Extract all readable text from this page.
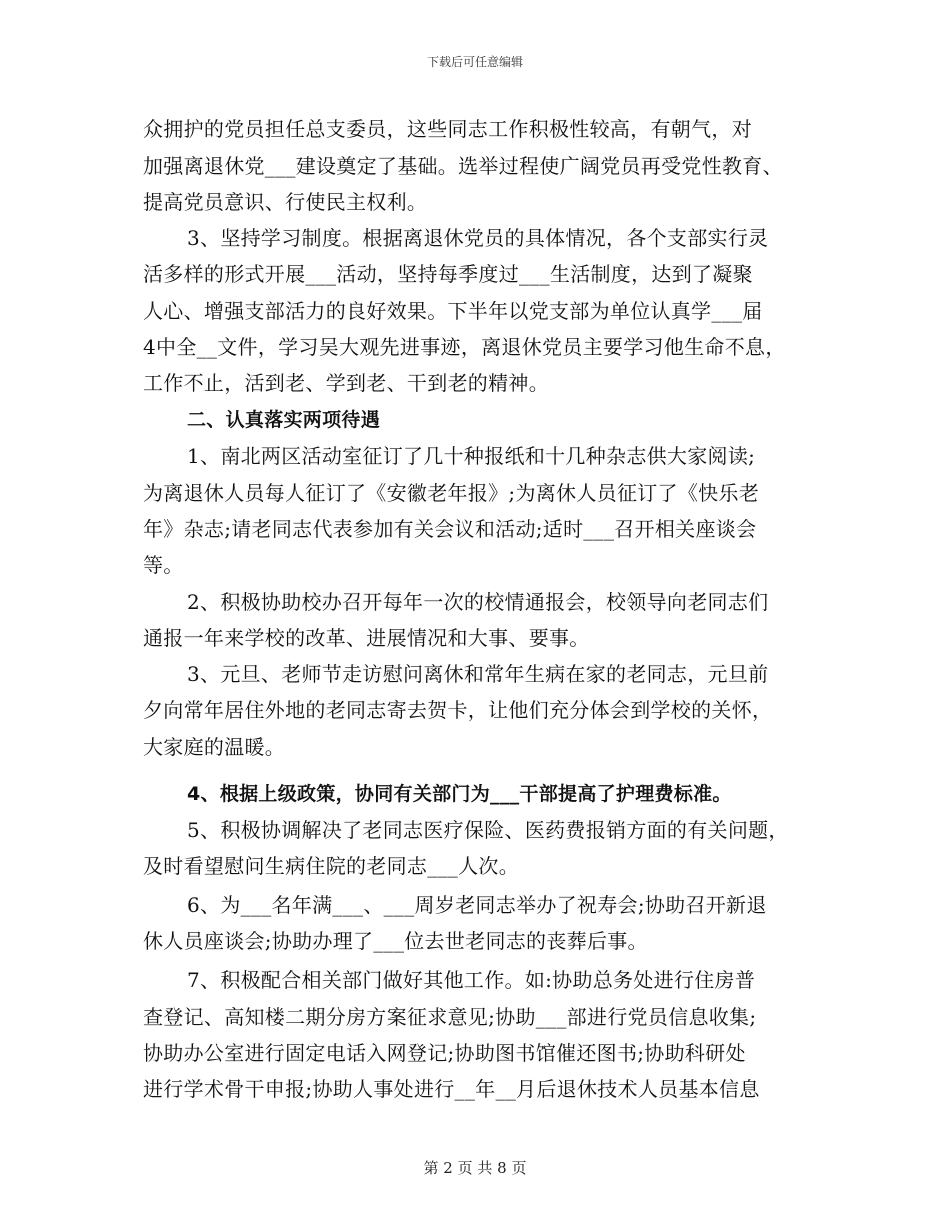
下载后可任意编辑
众拥护的党员担任总支委员，这些同志工作积极性较高，有朝气，对
加强离退休党___建设奠定了基础。选举过程使广阔党员再受党性教育、
提高党员意识、行使民主权利。
3、坚持学习制度。根据离退休党员的具体情况，各个支部实行灵
活多样的形式开展___活动，坚持每季度过___生活制度，达到了凝聚
人心、增强支部活力的良好效果。下半年以党支部为单位认真学___届
4中全__文件，学习吴大观先进事迹，离退休党员主要学习他生命不息，
工作不止，活到老、学到老、干到老的精神。
二、认真落实两项待遇
1、南北两区活动室征订了几十种报纸和十几种杂志供大家阅读;
为离退休人员每人征订了《安徽老年报》;为离休人员征订了《快乐老
年》杂志;请老同志代表参加有关会议和活动;适时___召开相关座谈会
等。
2、积极协助校办召开每年一次的校情通报会，校领导向老同志们
通报一年来学校的改革、进展情况和大事、要事。
3、元旦、老师节走访慰问离休和常年生病在家的老同志，元旦前
夕向常年居住外地的老同志寄去贺卡，让他们充分体会到学校的关怀，
大家庭的温暖。
4、根据上级政策，协同有关部门为___干部提高了护理费标准。
5、积极协调解决了老同志医疗保险、医药费报销方面的有关问题，
及时看望慰问生病住院的老同志___人次。
6、为___名年满___、___周岁老同志举办了祝寿会;协助召开新退
休人员座谈会;协助办理了___位去世老同志的丧葬后事。
7、积极配合相关部门做好其他工作。如:协助总务处进行住房普
查登记、高知楼二期分房方案征求意见;协助___部进行党员信息收集;
协助办公室进行固定电话入网登记;协助图书馆催还图书;协助科研处
进行学术骨干申报;协助人事处进行__年__月后退休技术人员基本信息
第 2 页 共 8 页
